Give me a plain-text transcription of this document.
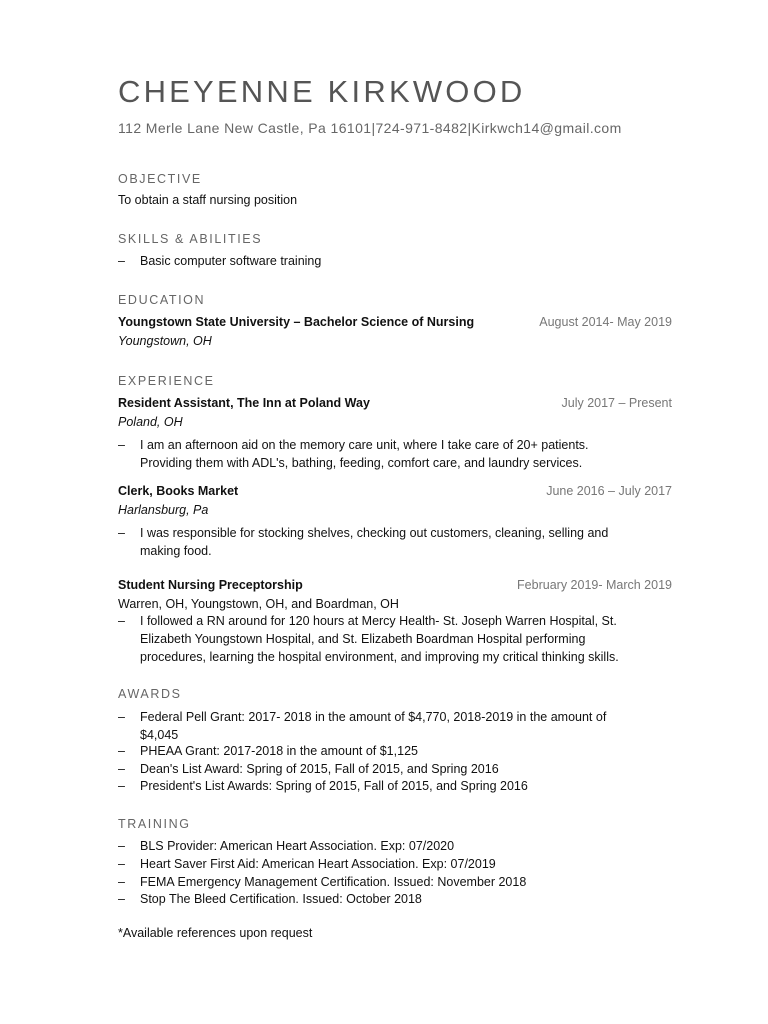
CHEYENNE KIRKWOOD
112 Merle Lane New Castle, Pa 16101|724-971-8482|Kirkwch14@gmail.com
OBJECTIVE
To obtain a staff nursing position
SKILLS & ABILITIES
– Basic computer software training
EDUCATION
Youngstown State University – Bachelor Science of Nursing	August 2014- May 2019
Youngstown, OH
EXPERIENCE
Resident Assistant, The Inn at Poland Way	July 2017 – Present
Poland, OH
– I am an afternoon aid on the memory care unit, where I take care of 20+ patients.
Providing them with ADL's, bathing, feeding, comfort care, and laundry services.
Clerk, Books Market	June 2016 – July 2017
Harlansburg, Pa
– I was responsible for stocking shelves, checking out customers, cleaning, selling and
making food.
Student Nursing Preceptorship	February 2019- March 2019
Warren, OH, Youngstown, OH, and Boardman, OH
– I followed a RN around for 120 hours at Mercy Health- St. Joseph Warren Hospital, St.
Elizabeth Youngstown Hospital, and St. Elizabeth Boardman Hospital performing
procedures, learning the hospital environment, and improving my critical thinking skills.
AWARDS
– Federal Pell Grant: 2017- 2018 in the amount of $4,770, 2018-2019 in the amount of
$4,045
– PHEAA Grant: 2017-2018 in the amount of $1,125
– Dean's List Award: Spring of 2015, Fall of 2015, and Spring 2016
– President's List Awards: Spring of 2015, Fall of 2015, and Spring 2016
TRAINING
– BLS Provider: American Heart Association. Exp: 07/2020
– Heart Saver First Aid: American Heart Association. Exp: 07/2019
– FEMA Emergency Management Certification. Issued: November 2018
– Stop The Bleed Certification. Issued: October 2018
*Available references upon request
